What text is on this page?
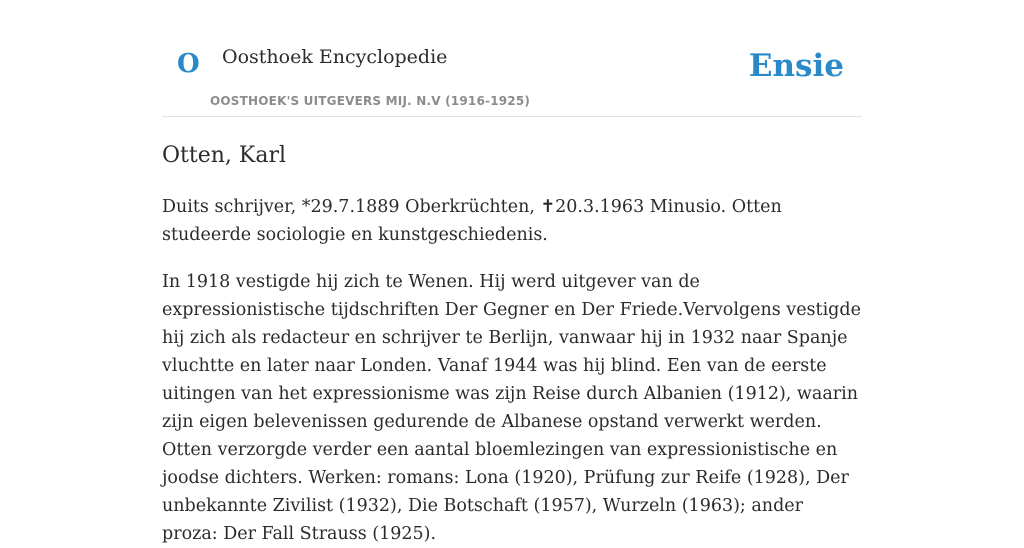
O Oosthoek Encyclopedie
OOSTHOEK'S UITGEVERS MIJ. N.V (1916-1925)
Ensie
Otten, Karl

Duits schrijver, *29.7.1889 Oberkrüchten, ✝20.3.1963 Minusio. Otten studeerde sociologie en kunstgeschiedenis.

In 1918 vestigde hij zich te Wenen. Hij werd uitgever van de expressionistische tijdschriften Der Gegner en Der Friede.Vervolgens vestigde hij zich als redacteur en schrijver te Berlijn, vanwaar hij in 1932 naar Spanje vluchtte en later naar Londen. Vanaf 1944 was hij blind. Een van de eerste uitingen van het expressionisme was zijn Reise durch Albanien (1912), waarin zijn eigen belevenissen gedurende de Albanese opstand verwerkt werden. Otten verzorgde verder een aantal bloemlezingen van expressionistische en joodse dichters. Werken: romans: Lona (1920), Prüfung zur Reife (1928), Der unbekannte Zivilist (1932), Die Botschaft (1957), Wurzeln (1963); ander proza: Der Fall Strauss (1925).
